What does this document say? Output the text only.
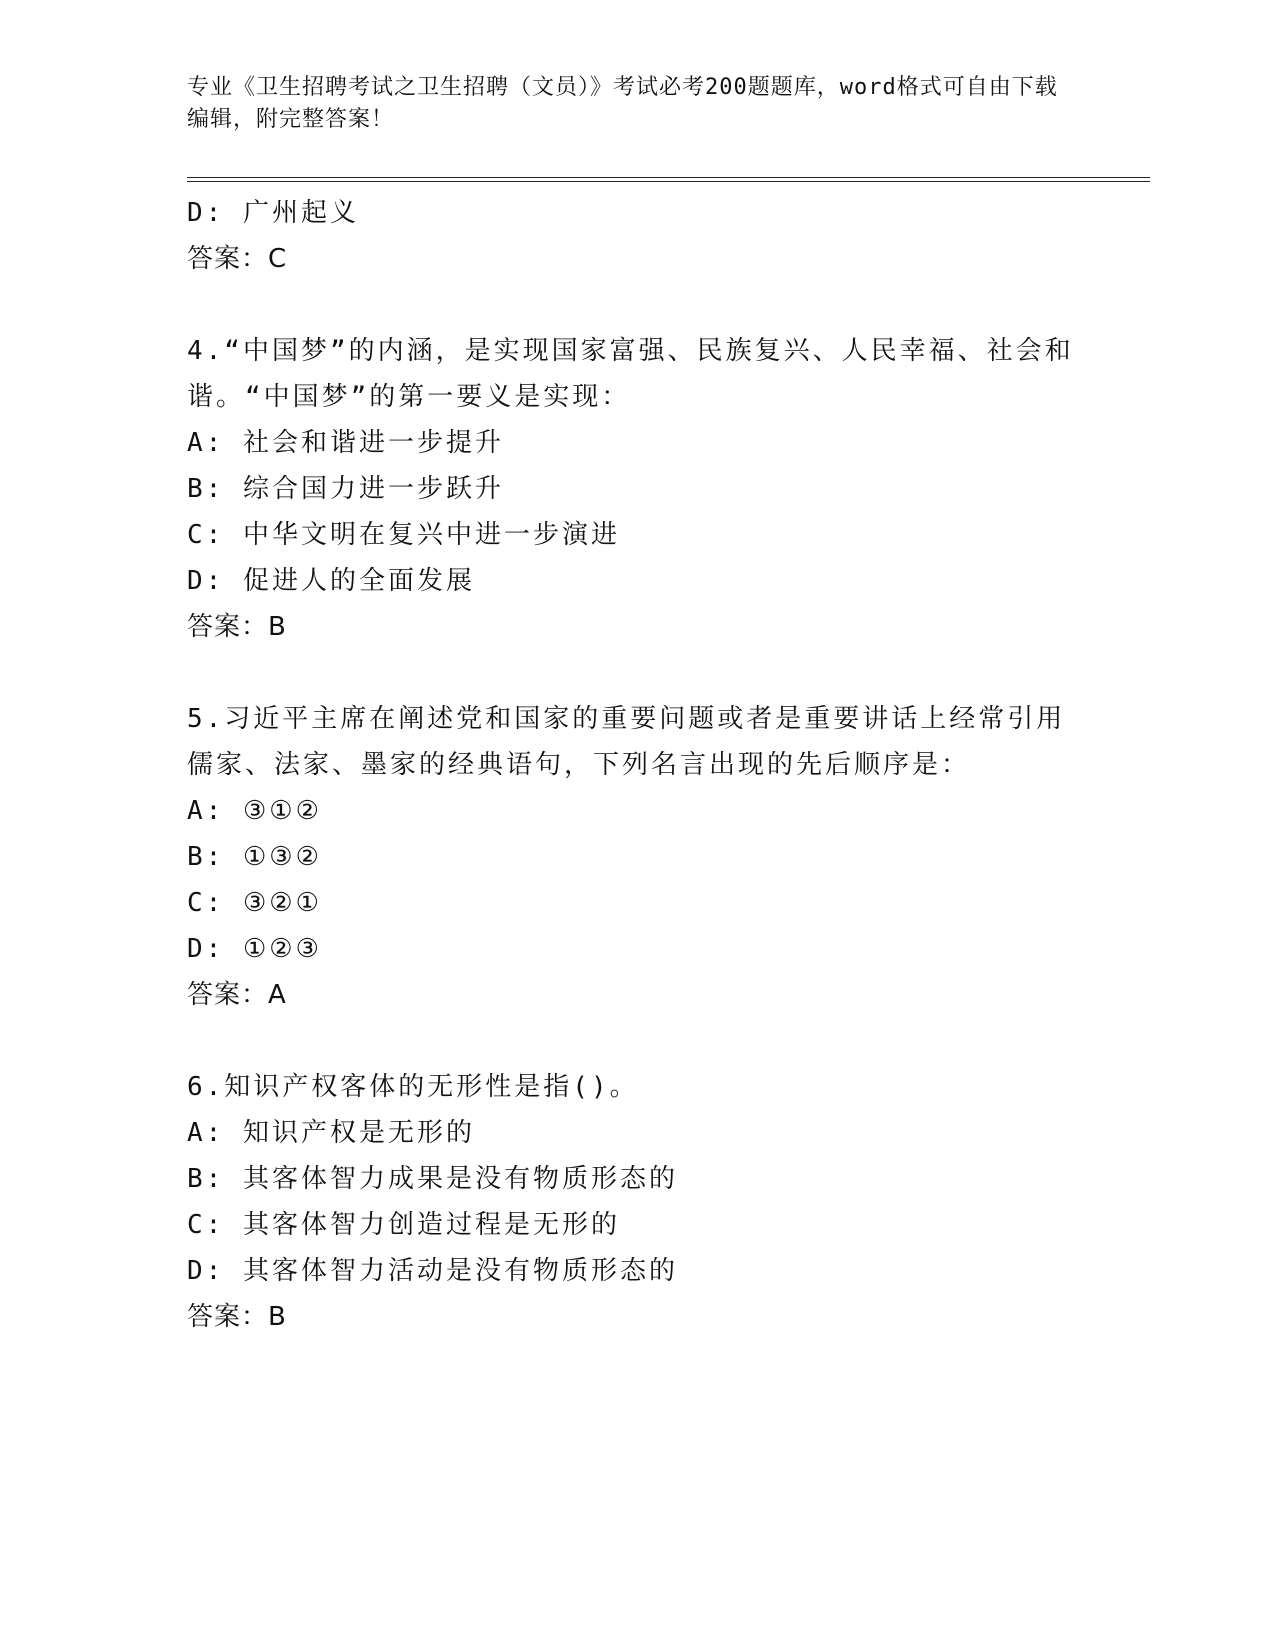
专业《卫生招聘考试之卫生招聘（文员）》考试必考200题题库，word格式可自由下载编辑，附完整答案！
D: 广州起义
答案：C
4.“中国梦”的内涵，是实现国家富强、民族复兴、人民幸福、社会和谐。“中国梦”的第一要义是实现：
A: 社会和谐进一步提升
B: 综合国力进一步跃升
C: 中华文明在复兴中进一步演进
D: 促进人的全面发展
答案：B
5.习近平主席在阐述党和国家的重要问题或者是重要讲话上经常引用儒家、法家、墨家的经典语句，下列名言出现的先后顺序是：
A: ③①②
B: ①③②
C: ③②①
D: ①②③
答案：A
6.知识产权客体的无形性是指()。
A: 知识产权是无形的
B: 其客体智力成果是没有物质形态的
C: 其客体智力创造过程是无形的
D: 其客体智力活动是没有物质形态的
答案：B
